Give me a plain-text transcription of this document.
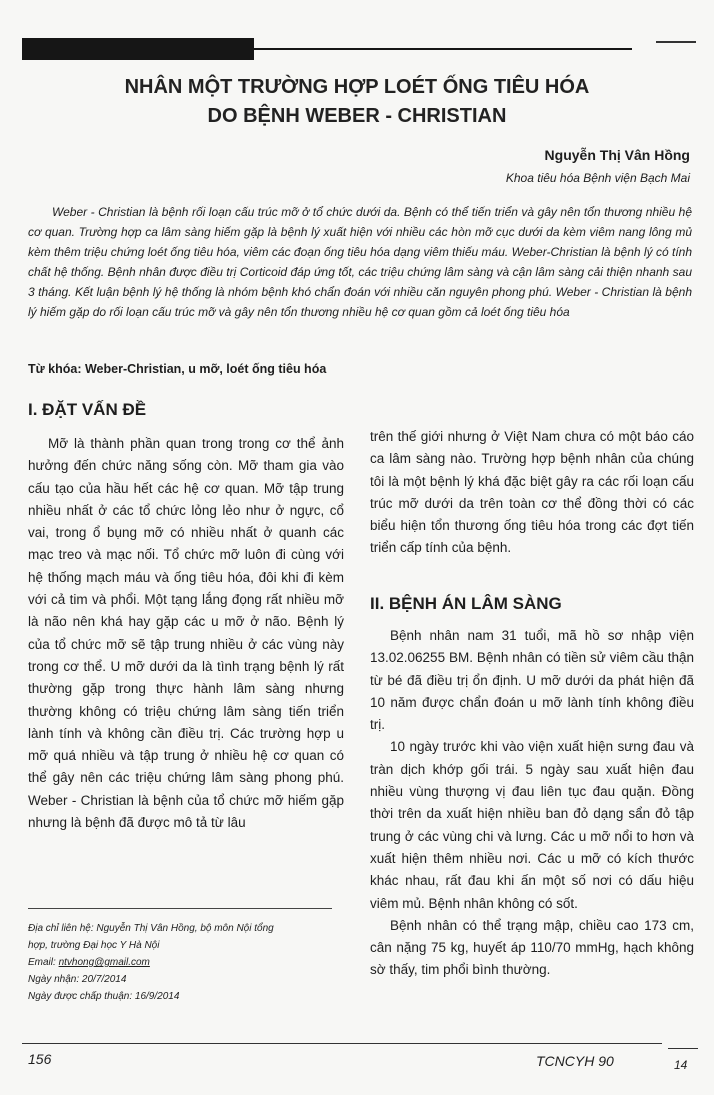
NHÂN MỘT TRƯỜNG HỢP LOÉT ỐNG TIÊU HÓA
DO BỆNH WEBER - CHRISTIAN
Nguyễn Thị Vân Hồng
Khoa tiêu hóa Bệnh viện Bạch Mai

Weber - Christian là bệnh rối loạn cấu trúc mỡ ở tổ chức dưới da. Bệnh có thể tiến triển và gây nên tổn thương nhiều hệ cơ quan. Trường hợp ca lâm sàng hiếm gặp là bệnh lý xuất hiện với nhiều các hòn mỡ cục dưới da kèm viêm nang lông mủ kèm thêm triệu chứng loét ống tiêu hóa, viêm các đoạn ống tiêu hóa dạng viêm thiếu máu. Weber-Christian là bệnh lý có tính chất hệ thống. Bệnh nhân được điều trị Corticoid đáp ứng tốt, các triệu chứng lâm sàng và cận lâm sàng cải thiện nhanh sau 3 tháng. Kết luận bệnh lý hệ thống là nhóm bệnh khó chẩn đoán với nhiều căn nguyên phong phú. Weber - Christian là bệnh lý hiếm gặp do rối loạn cấu trúc mỡ và gây nên tổn thương nhiều hệ cơ quan gồm cả loét ống tiêu hóa

Từ khóa: Weber-Christian, u mỡ, loét ống tiêu hóa
I. ĐẶT VẤN ĐỀ

Mỡ là thành phần quan trong trong cơ thể ảnh hưởng đến chức năng sống còn. Mỡ tham gia vào cấu tạo của hầu hết các hệ cơ quan. Mỡ tập trung nhiều nhất ở các tổ chức lỏng lẻo như ở ngực, cổ vai, trong ổ bụng mỡ có nhiều nhất ở quanh các mạc treo và mạc nối. Tổ chức mỡ luôn đi cùng với hệ thống mạch máu và ống tiêu hóa, đôi khi đi kèm với cả tim và phổi. Một tạng lắng đọng rất nhiều mỡ là não nên khá hay gặp các u mỡ ở não. Bệnh lý của tổ chức mỡ sẽ tập trung nhiều ở các vùng này trong cơ thể. U mỡ dưới da là tình trạng bệnh lý rất thường gặp trong thực hành lâm sàng nhưng thường không có triệu chứng lâm sàng tiến triển lành tính và không cần điều trị. Các trường hợp u mỡ quá nhiều và tập trung ở nhiều hệ cơ quan có thể gây nên các triệu chứng lâm sàng phong phú. Weber - Christian là bệnh của tổ chức mỡ hiếm gặp nhưng là bệnh đã được mô tả từ lâu

trên thế giới nhưng ở Việt Nam chưa có một báo cáo ca lâm sàng nào. Trường hợp bệnh nhân của chúng tôi là một bệnh lý khá đặc biệt gây ra các rối loạn cấu trúc mỡ dưới da trên toàn cơ thể đồng thời có các biểu hiện tổn thương ống tiêu hóa trong các đợt tiến triển cấp tính của bệnh.

II. BỆNH ÁN LÂM SÀNG

Bệnh nhân nam 31 tuổi, mã hồ sơ nhập viện 13.02.06255 BM. Bệnh nhân có tiền sử viêm cầu thận từ bé đã điều trị ổn định. U mỡ dưới da phát hiện đã 10 năm được chẩn đoán u mỡ lành tính không điều trị.

10 ngày trước khi vào viện xuất hiện sưng đau và tràn dịch khớp gối trái. 5 ngày sau xuất hiện đau nhiều vùng thượng vị đau liên tục đau quặn. Đồng thời trên da xuất hiện nhiều ban đỏ dạng sẩn đỏ tập trung ở các vùng chi và lưng. Các u mỡ nổi to hơn và xuất hiện thêm nhiều nơi. Các u mỡ có kích thước khác nhau, rất đau khi ấn một số nơi có dấu hiệu viêm mủ. Bệnh nhân không có sốt.

Bệnh nhân có thể trạng mập, chiều cao 173 cm, cân nặng 75 kg, huyết áp 110/70 mmHg, hạch không sờ thấy, tim phổi bình thường.

Địa chỉ liên hệ: Nguyễn Thị Vân Hồng, bộ môn Nội tổng
hợp, trường Đại học Y Hà Nội
Email: ntvhong@gmail.com
Ngày nhận: 20/7/2014
Ngày được chấp thuận: 16/9/2014
156	TCNCYH 90	14
